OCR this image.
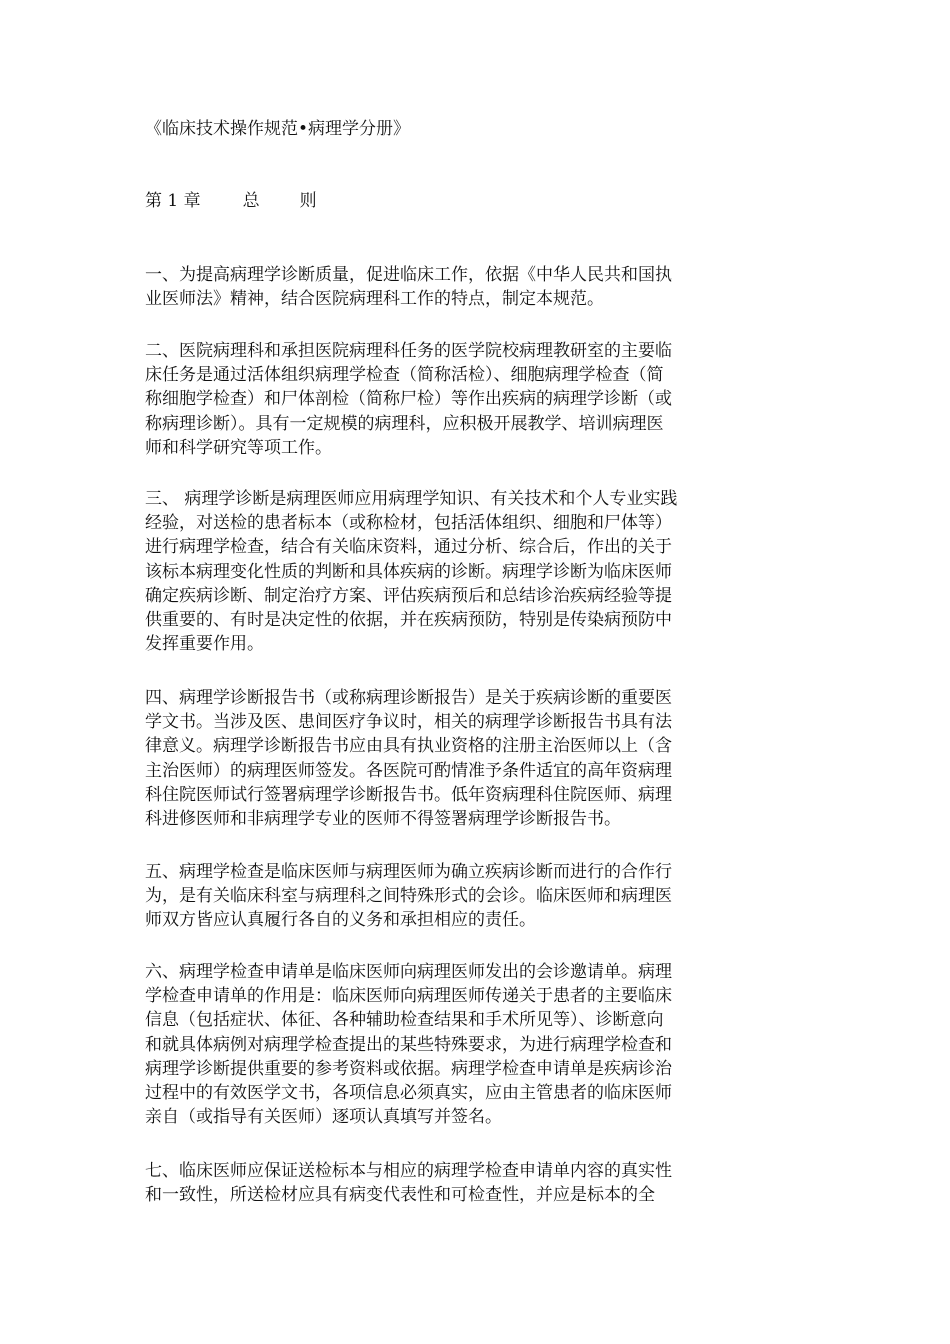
《临床技术操作规范•病理学分册》
第 1 章 总 则
一、为提高病理学诊断质量，促进临床工作，依据《中华人民共和国执
业医师法》精神，结合医院病理科工作的特点，制定本规范。
二、医院病理科和承担医院病理科任务的医学院校病理教研室的主要临
床任务是通过活体组织病理学检查（简称活检）、细胞病理学检查（简
称细胞学检查）和尸体剖检（简称尸检）等作出疾病的病理学诊断（或
称病理诊断）。具有一定规模的病理科，应积极开展教学、培训病理医
师和科学研究等项工作。
三、 病理学诊断是病理医师应用病理学知识、有关技术和个人专业实践
经验，对送检的患者标本（或称检材，包括活体组织、细胞和尸体等）
进行病理学检查，结合有关临床资料，通过分析、综合后，作出的关于
该标本病理变化性质的判断和具体疾病的诊断。病理学诊断为临床医师
确定疾病诊断、制定治疗方案、评估疾病预后和总结诊治疾病经验等提
供重要的、有时是决定性的依据，并在疾病预防，特别是传染病预防中
发挥重要作用。
四、病理学诊断报告书（或称病理诊断报告）是关于疾病诊断的重要医
学文书。当涉及医、患间医疗争议时，相关的病理学诊断报告书具有法
律意义。病理学诊断报告书应由具有执业资格的注册主治医师以上（含
主治医师）的病理医师签发。各医院可酌情准予条件适宜的高年资病理
科住院医师试行签署病理学诊断报告书。低年资病理科住院医师、病理
科进修医师和非病理学专业的医师不得签署病理学诊断报告书。
五、病理学检查是临床医师与病理医师为确立疾病诊断而进行的合作行
为，是有关临床科室与病理科之间特殊形式的会诊。临床医师和病理医
师双方皆应认真履行各自的义务和承担相应的责任。
六、病理学检查申请单是临床医师向病理医师发出的会诊邀请单。病理
学检查申请单的作用是：临床医师向病理医师传递关于患者的主要临床
信息（包括症状、体征、各种辅助检查结果和手术所见等）、诊断意向
和就具体病例对病理学检查提出的某些特殊要求，为进行病理学检查和
病理学诊断提供重要的参考资料或依据。病理学检查申请单是疾病诊治
过程中的有效医学文书，各项信息必须真实，应由主管患者的临床医师
亲自（或指导有关医师）逐项认真填写并签名。
七、临床医师应保证送检标本与相应的病理学检查申请单内容的真实性
和一致性，所送检材应具有病变代表性和可检查性，并应是标本的全
